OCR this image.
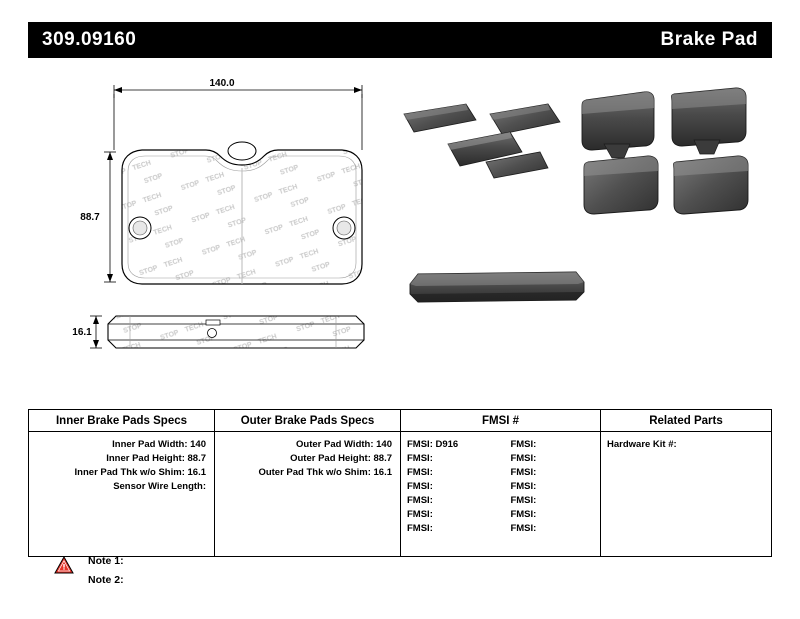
309.09160	Brake Pad
140.0
88.7
16.1
Inner Brake Pads Specs
Inner Pad Width: 140
Inner Pad Height: 88.7
Inner Pad Thk w/o Shim: 16.1
Sensor Wire Length:
Outer Brake Pads Specs
Outer Pad Width: 140
Outer Pad Height: 88.7
Outer Pad Thk w/o Shim: 16.1
FMSI #
FMSI: D916	FMSI:
FMSI:	FMSI:
FMSI:	FMSI:
FMSI:	FMSI:
FMSI:	FMSI:
FMSI:	FMSI:
FMSI:	FMSI:
Related Parts
Hardware Kit #:
Note 1:
Note 2:
